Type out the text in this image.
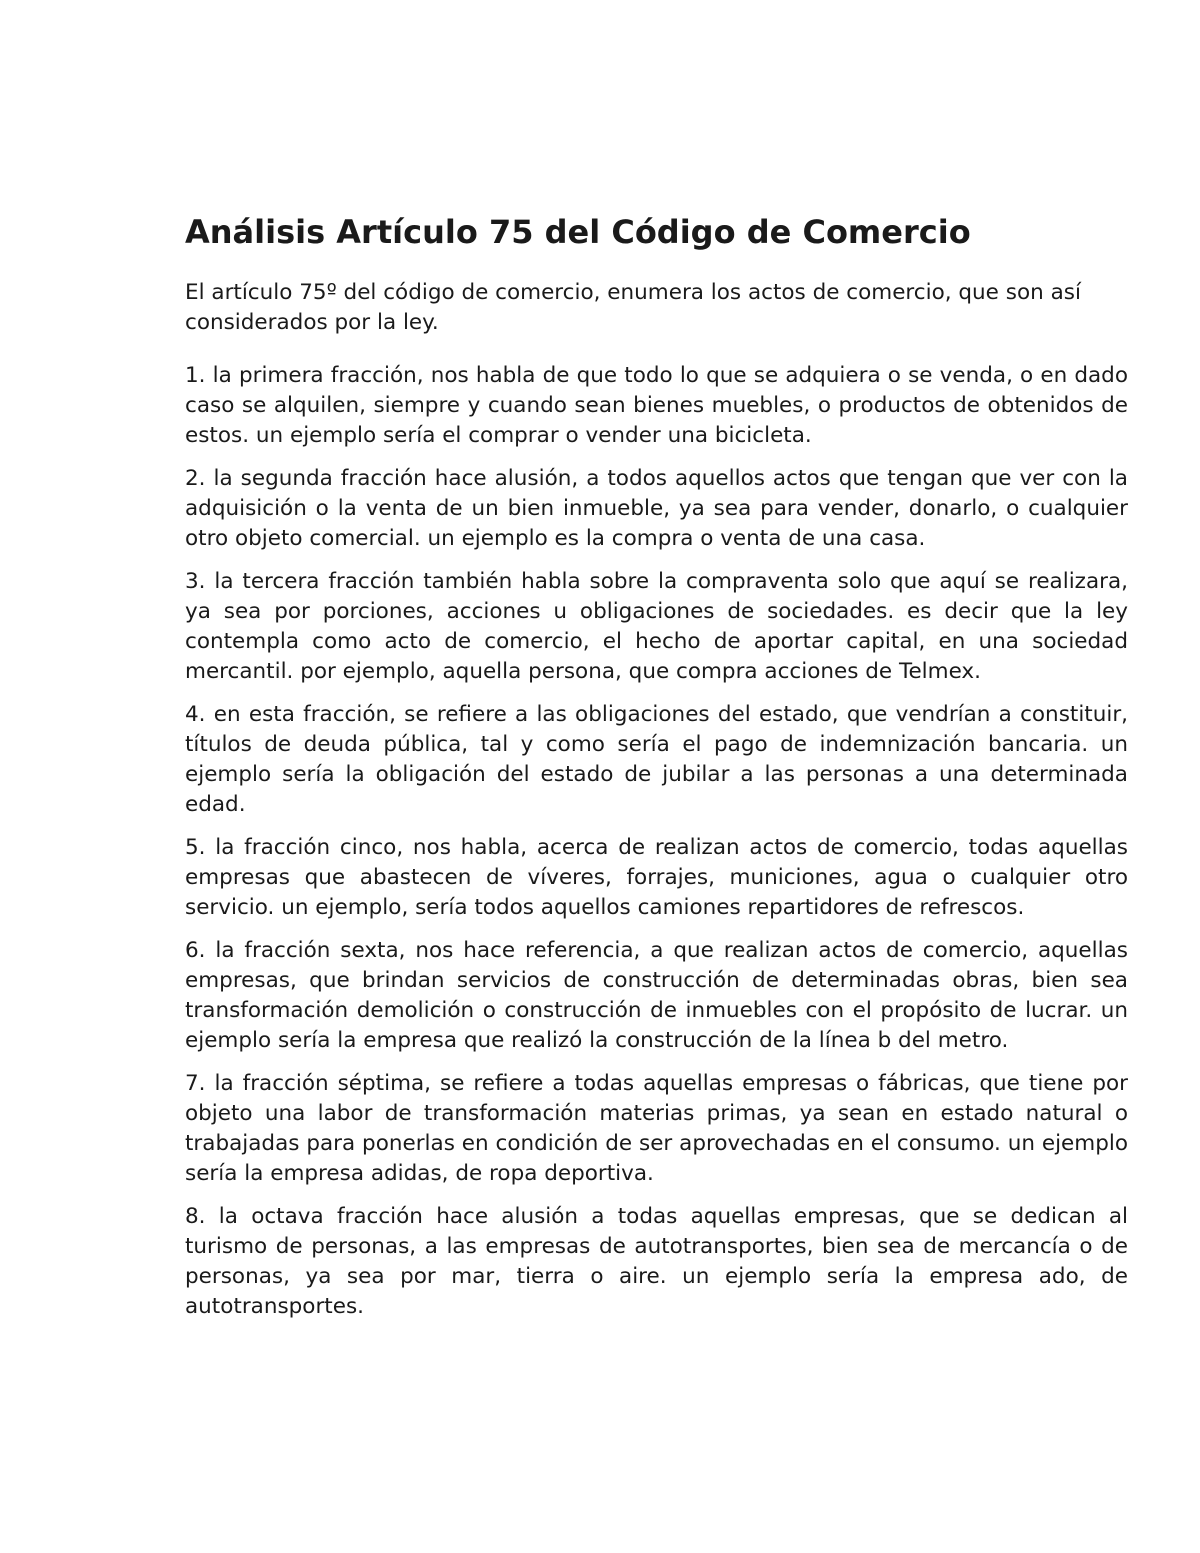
Análisis Artículo 75 del Código de Comercio

El artículo 75º del código de comercio, enumera los actos de comercio, que son así considerados por la ley.

1. la primera fracción, nos habla de que todo lo que se adquiera o se venda, o en dado caso se alquilen, siempre y cuando sean bienes muebles, o productos de obtenidos de estos. un ejemplo sería el comprar o vender una bicicleta.

2. la segunda fracción hace alusión, a todos aquellos actos que tengan que ver con la adquisición o la venta de un bien inmueble, ya sea para vender, donarlo, o cualquier otro objeto comercial. un ejemplo es la compra o venta de una casa.

3. la tercera fracción también habla sobre la compraventa solo que aquí se realizara, ya sea por porciones, acciones u obligaciones de sociedades. es decir que la ley contempla como acto de comercio, el hecho de aportar capital, en una sociedad mercantil. por ejemplo, aquella persona, que compra acciones de Telmex.

4. en esta fracción, se refiere a las obligaciones del estado, que vendrían a constituir, títulos de deuda pública, tal y como sería el pago de indemnización bancaria. un ejemplo sería la obligación del estado de jubilar a las personas a una determinada edad.

5. la fracción cinco, nos habla, acerca de realizan actos de comercio, todas aquellas empresas que abastecen de víveres, forrajes, municiones, agua o cualquier otro servicio. un ejemplo, sería todos aquellos camiones repartidores de refrescos.

6. la fracción sexta, nos hace referencia, a que realizan actos de comercio, aquellas empresas, que brindan servicios de construcción de determinadas obras, bien sea transformación demolición o construcción de inmuebles con el propósito de lucrar. un ejemplo sería la empresa que realizó la construcción de la línea b del metro.

7. la fracción séptima, se refiere a todas aquellas empresas o fábricas, que tiene por objeto una labor de transformación materias primas, ya sean en estado natural o trabajadas para ponerlas en condición de ser aprovechadas en el consumo. un ejemplo sería la empresa adidas, de ropa deportiva.

8. la octava fracción hace alusión a todas aquellas empresas, que se dedican al turismo de personas, a las empresas de autotransportes, bien sea de mercancía o de personas, ya sea por mar, tierra o aire. un ejemplo sería la empresa ado, de autotransportes.
